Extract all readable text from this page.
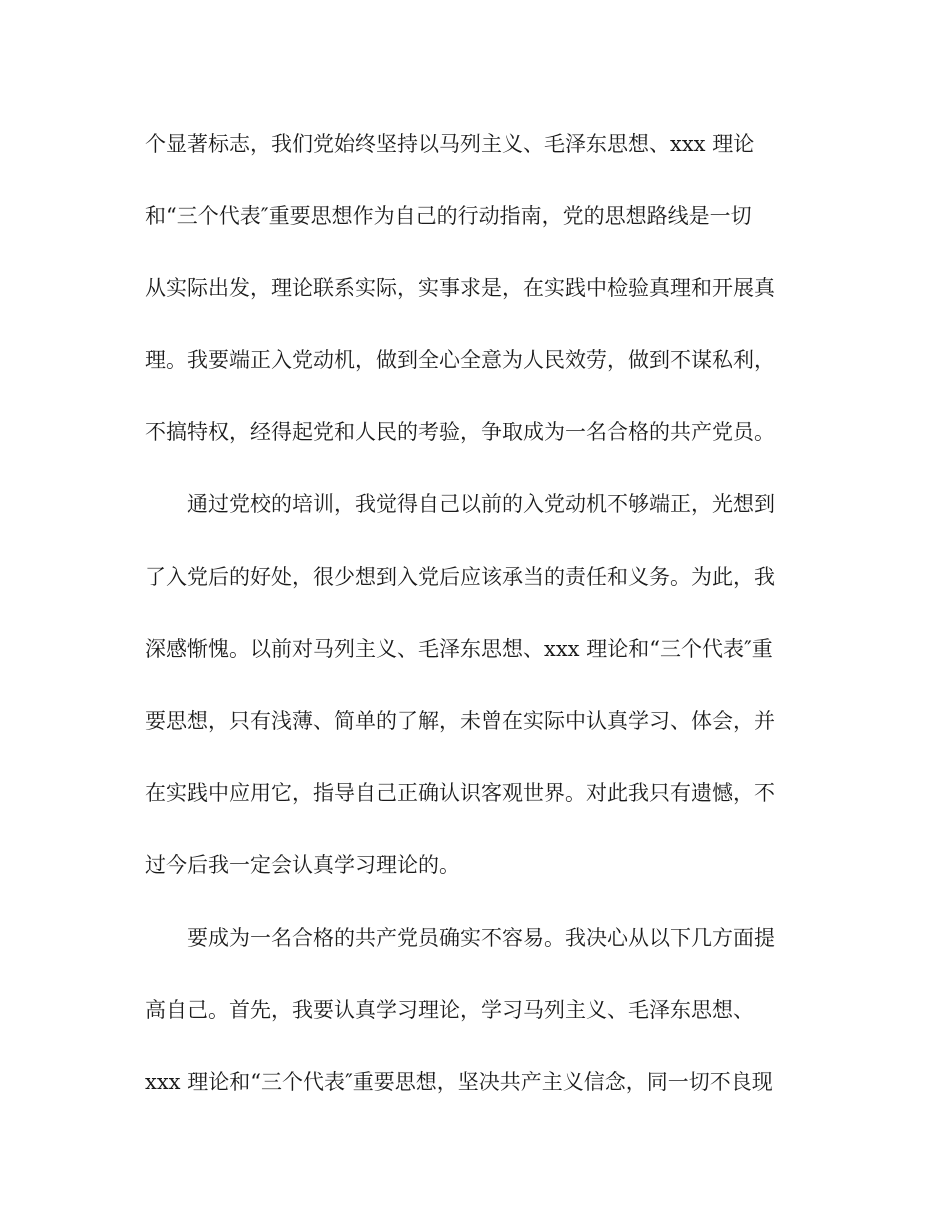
个显著标志，我们党始终坚持以马列主义、毛泽东思想、xxx 理论
和“三个代表″重要思想作为自己的行动指南，党的思想路线是一切
从实际出发，理论联系实际，实事求是，在实践中检验真理和开展真
理。我要端正入党动机，做到全心全意为人民效劳，做到不谋私利，
不搞特权，经得起党和人民的考验，争取成为一名合格的共产党员。
通过党校的培训，我觉得自己以前的入党动机不够端正，光想到
了入党后的好处，很少想到入党后应该承当的责任和义务。为此，我
深感惭愧。以前对马列主义、毛泽东思想、xxx 理论和“三个代表″重
要思想，只有浅薄、简单的了解，未曾在实际中认真学习、体会，并
在实践中应用它，指导自己正确认识客观世界。对此我只有遗憾，不
过今后我一定会认真学习理论的。
要成为一名合格的共产党员确实不容易。我决心从以下几方面提
高自己。首先，我要认真学习理论，学习马列主义、毛泽东思想、
xxx 理论和“三个代表″重要思想，坚决共产主义信念，同一切不良现
